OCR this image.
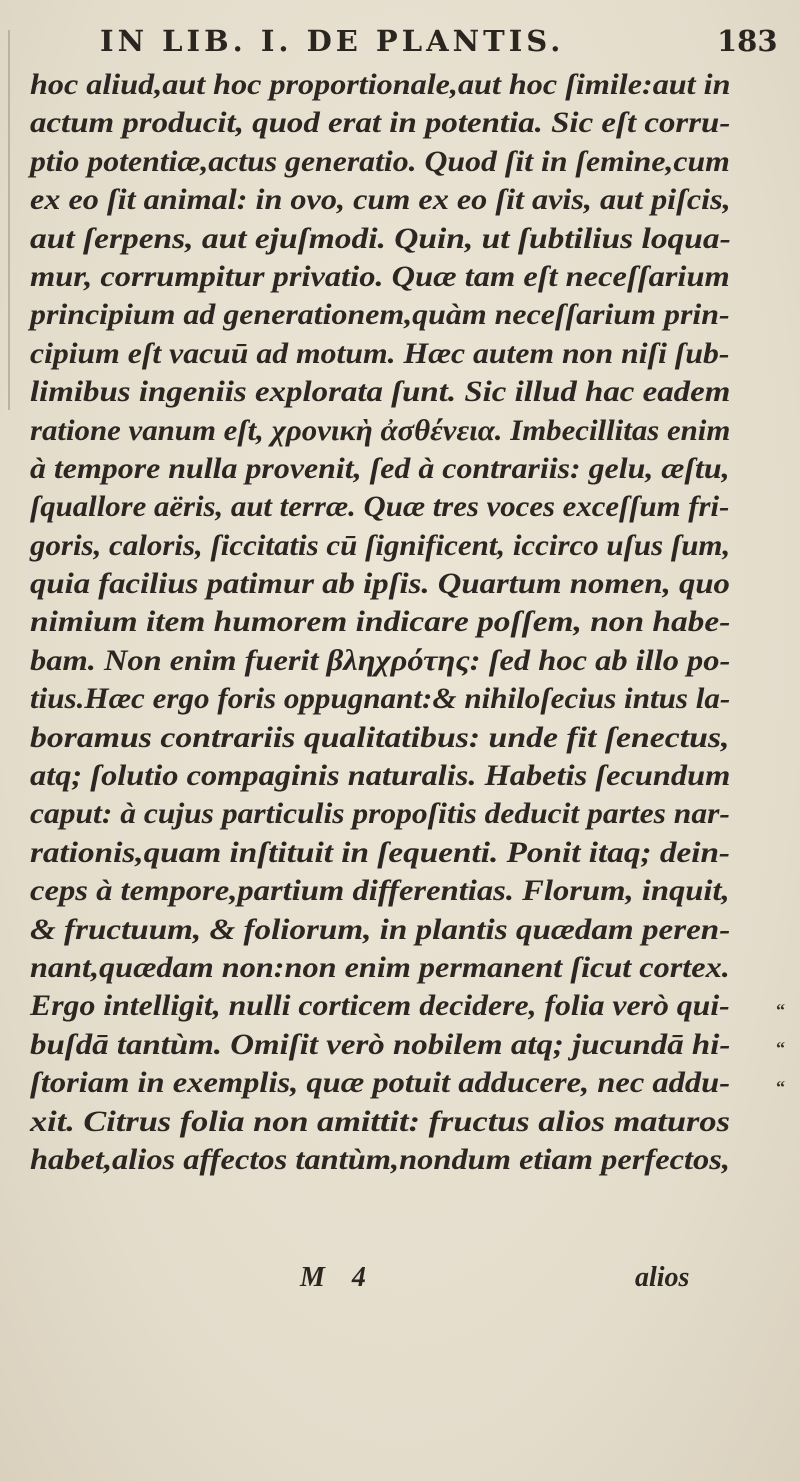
IN LIB. I. DE PLANTIS.	183
hoc aliud,aut hoc proportionale,aut hoc ſimile:aut in
actum producit, quod erat in potentia. Sic eſt corru-
ptio potentiæ,actus generatio. Quod ſit in ſemine,cum
ex eo ſit animal: in ovo, cum ex eo ſit avis, aut piſcis,
aut ſerpens, aut ejuſmodi. Quin, ut ſubtilius loqua-
mur, corrumpitur privatio. Quæ tam eſt neceſſarium
principium ad generationem,quàm neceſſarium prin-
cipium eſt vacuū ad motum. Hæc autem non niſi ſub-
limibus ingeniis explorata ſunt. Sic illud hac eadem
ratione vanum eſt, χρονικὴ ἀσθένεια. Imbecillitas enim
à tempore nulla provenit, ſed à contrariis: gelu, æſtu,
ſquallore aëris, aut terræ. Quæ tres voces exceſſum fri-
goris, caloris, ſiccitatis cū ſignificent, iccirco uſus ſum,
quia facilius patimur ab ipſis. Quartum nomen, quo
nimium item humorem indicare poſſem, non habe-
bam. Non enim fuerit βληχρότης: ſed hoc ab illo po-
tius.Hæc ergo foris oppugnant:& nihiloſecius intus la-
boramus contrariis qualitatibus: unde fit ſenectus,
atq; ſolutio compaginis naturalis. Habetis ſecundum
caput: à cujus particulis propoſitis deducit partes nar-
rationis,quam inſtituit in ſequenti. Ponit itaq; dein-
ceps à tempore,partium differentias. Florum, inquit,
& fructuum, & foliorum, in plantis quædam peren-
nant,quædam non:non enim permanent ſicut cortex.
Ergo intelligit, nulli corticem decidere, folia verò qui-
buſdā tantùm. Omiſit verò nobilem atq; jucundā hi-
ſtoriam in exemplis, quæ potuit adducere, nec addu-
xit. Citrus folia non amittit: fructus alios maturos
habet,alios affectos tantùm,nondum etiam perfectos,
“
“
“
M 4	alios
